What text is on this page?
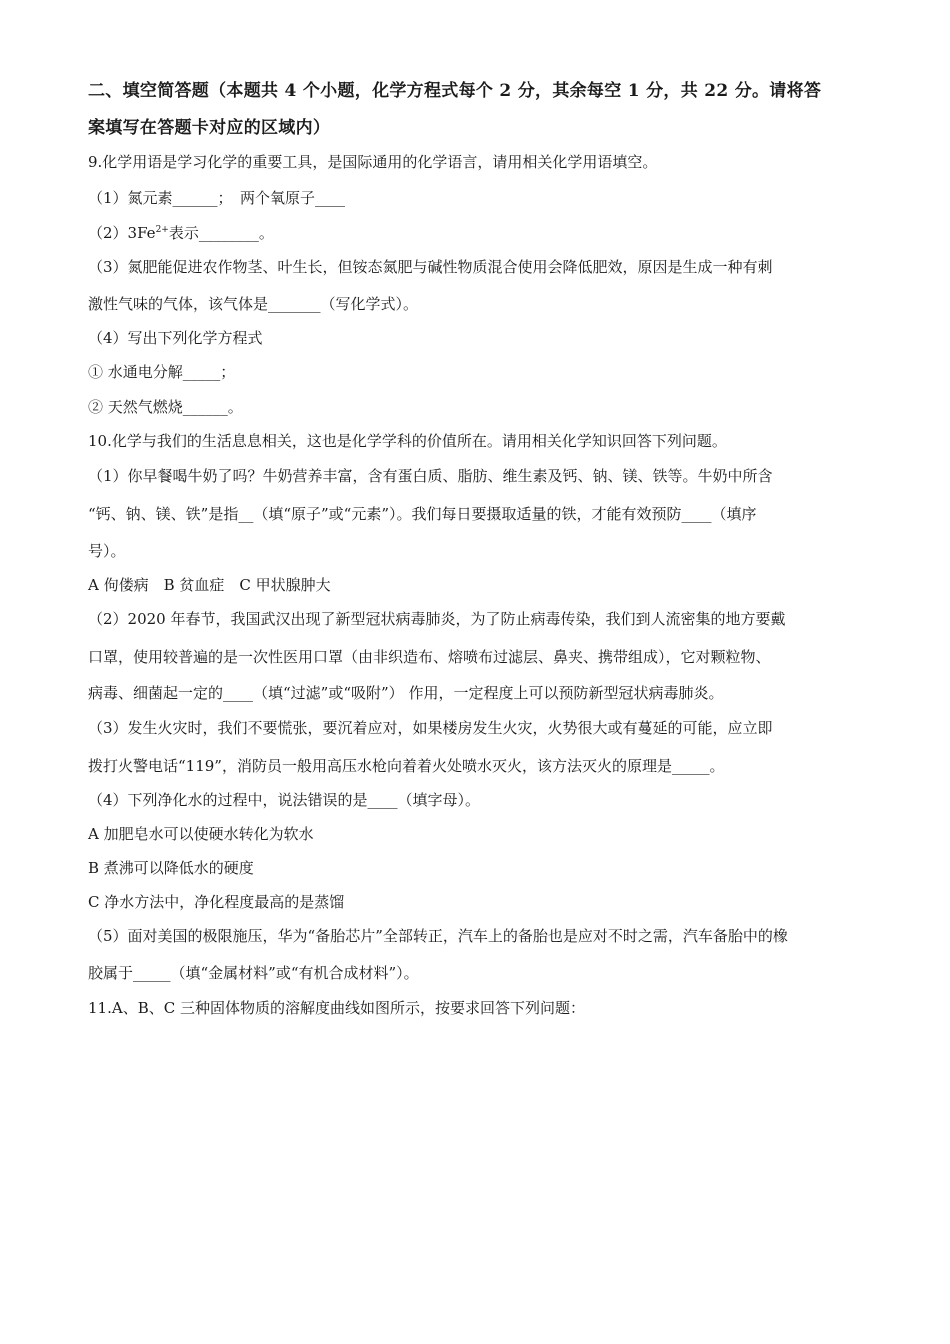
二、填空简答题（本题共 4 个小题，化学方程式每个 2 分，其余每空 1 分，共 22 分。请将答
案填写在答题卡对应的区域内）
9.化学用语是学习化学的重要工具，是国际通用的化学语言，请用相关化学用语填空。
（1）氮元素______；　两个氧原子____
$(2)3Fe^{2+}$表示________。
（3）氮肥能促进农作物茎、叶生长，但铵态氮肥与碱性物质混合使用会降低肥效，原因是生成一种有刺
激性气味的气体，该气体是_______（写化学式）。
（4）写出下列化学方程式
① 水通电分解_____；
② 天然气燃烧______。
10.化学与我们的生活息息相关，这也是化学学科的价值所在。请用相关化学知识回答下列问题。
（1）你早餐喝牛奶了吗？牛奶营养丰富，含有蛋白质、脂肪、维生素及钙、钠、镁、铁等。牛奶中所含
“钙、钠、镁、铁”是指__（填“原子”或“元素”）。我们每日要摄取适量的铁，才能有效预防____（填序
号）。
A 佝偻病　B 贫血症　C 甲状腺肿大
（2）2020 年春节，我国武汉出现了新型冠状病毒肺炎，为了防止病毒传染，我们到人流密集的地方要戴
口罩，使用较普遍的是一次性医用口罩（由非织造布、熔喷布过滤层、鼻夹、携带组成），它对颗粒物、
病毒、细菌起一定的____（填“过滤”或“吸附”） 作用，一定程度上可以预防新型冠状病毒肺炎。
（3）发生火灾时，我们不要慌张，要沉着应对，如果楼房发生火灾，火势很大或有蔓延的可能，应立即
拨打火警电话“119”，消防员一般用高压水枪向着着火处喷水灭火，该方法灭火的原理是_____。
（4）下列净化水的过程中，说法错误的是____（填字母）。
A 加肥皂水可以使硬水转化为软水
B 煮沸可以降低水的硬度
C 净水方法中，净化程度最高的是蒸馏
（5）面对美国的极限施压，华为“备胎芯片”全部转正，汽车上的备胎也是应对不时之需，汽车备胎中的橡
胶属于_____（填“金属材料”或“有机合成材料”）。
11.A、B、C 三种固体物质的溶解度曲线如图所示，按要求回答下列问题：
